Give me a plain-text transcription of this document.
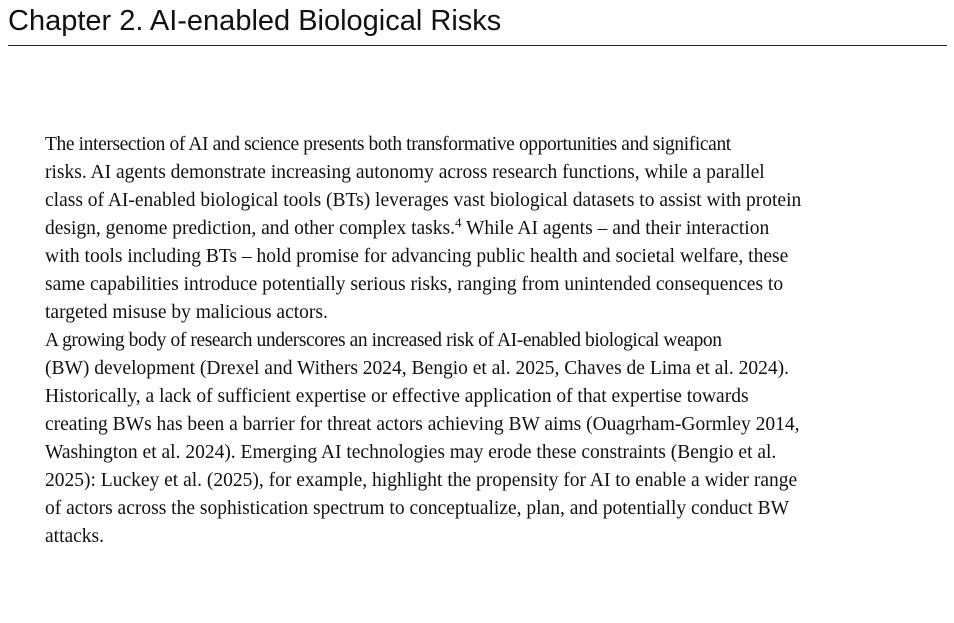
Chapter 2. AI-enabled Biological Risks

The intersection of AI and science presents both transformative opportunities and significant
risks. AI agents demonstrate increasing autonomy across research functions, while a parallel
class of AI-enabled biological tools (BTs) leverages vast biological datasets to assist with protein
design, genome prediction, and other complex tasks.$^4$ While AI agents – and their interaction
with tools including BTs – hold promise for advancing public health and societal welfare, these
same capabilities introduce potentially serious risks, ranging from unintended consequences to
targeted misuse by malicious actors.

A growing body of research underscores an increased risk of AI-enabled biological weapon
(BW) development (Drexel and Withers 2024, Bengio et al. 2025, Chaves de Lima et al. 2024).
Historically, a lack of sufficient expertise or effective application of that expertise towards
creating BWs has been a barrier for threat actors achieving BW aims (Ouagrham-Gormley 2014,
Washington et al. 2024). Emerging AI technologies may erode these constraints (Bengio et al.
2025): Luckey et al. (2025), for example, highlight the propensity for AI to enable a wider range
of actors across the sophistication spectrum to conceptualize, plan, and potentially conduct BW
attacks.
